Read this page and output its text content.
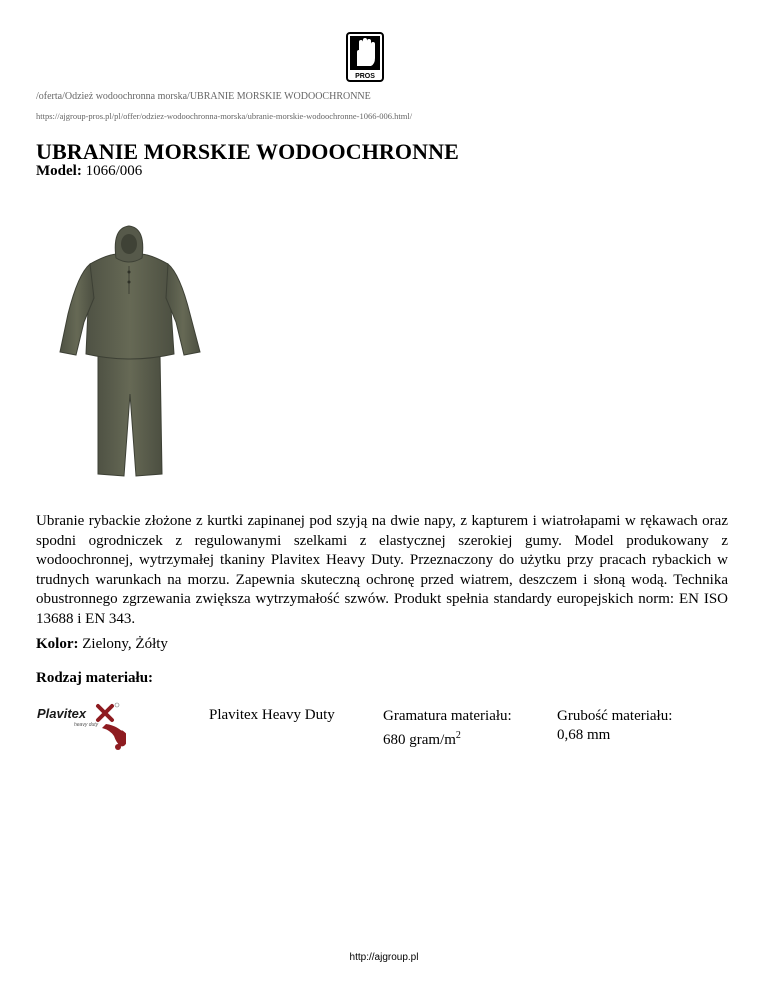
PROS
/oferta/Odzież wodoochronna morska/UBRANIE MORSKIE WODOOCHRONNE
https://ajgroup-pros.pl/pl/offer/odziez-wodoochronna-morska/ubranie-morskie-wodoochronne-1066-006.html/
UBRANIE MORSKIE WODOOCHRONNE
Model: 1066/006

Ubranie rybackie złożone z kurtki zapinanej pod szyją na dwie napy, z kapturem i wiatrołapami w rękawach oraz spodni ogrodniczek z regulowanymi szelkami z elastycznej szerokiej gumy. Model produkowany z wodoochronnej, wytrzymałej tkaniny Plavitex Heavy Duty. Przeznaczony do użytku przy pracach rybackich w trudnych warunkach na morzu. Zapewnia skuteczną ochronę przed wiatrem, deszczem i słoną wodą. Technika obustronnego zgrzewania zwiększa wytrzymałość szwów. Produkt spełnia standardy europejskich norm: EN ISO 13688 i EN 343.

Kolor: Zielony, Żółty
Rodzaj materiału:
Plavitex
heavy duty
Plavitex Heavy Duty	Gramatura materiału:
680 gram/$m^2$
Grubość materiału:
0,68 mm
http://ajgroup.pl
